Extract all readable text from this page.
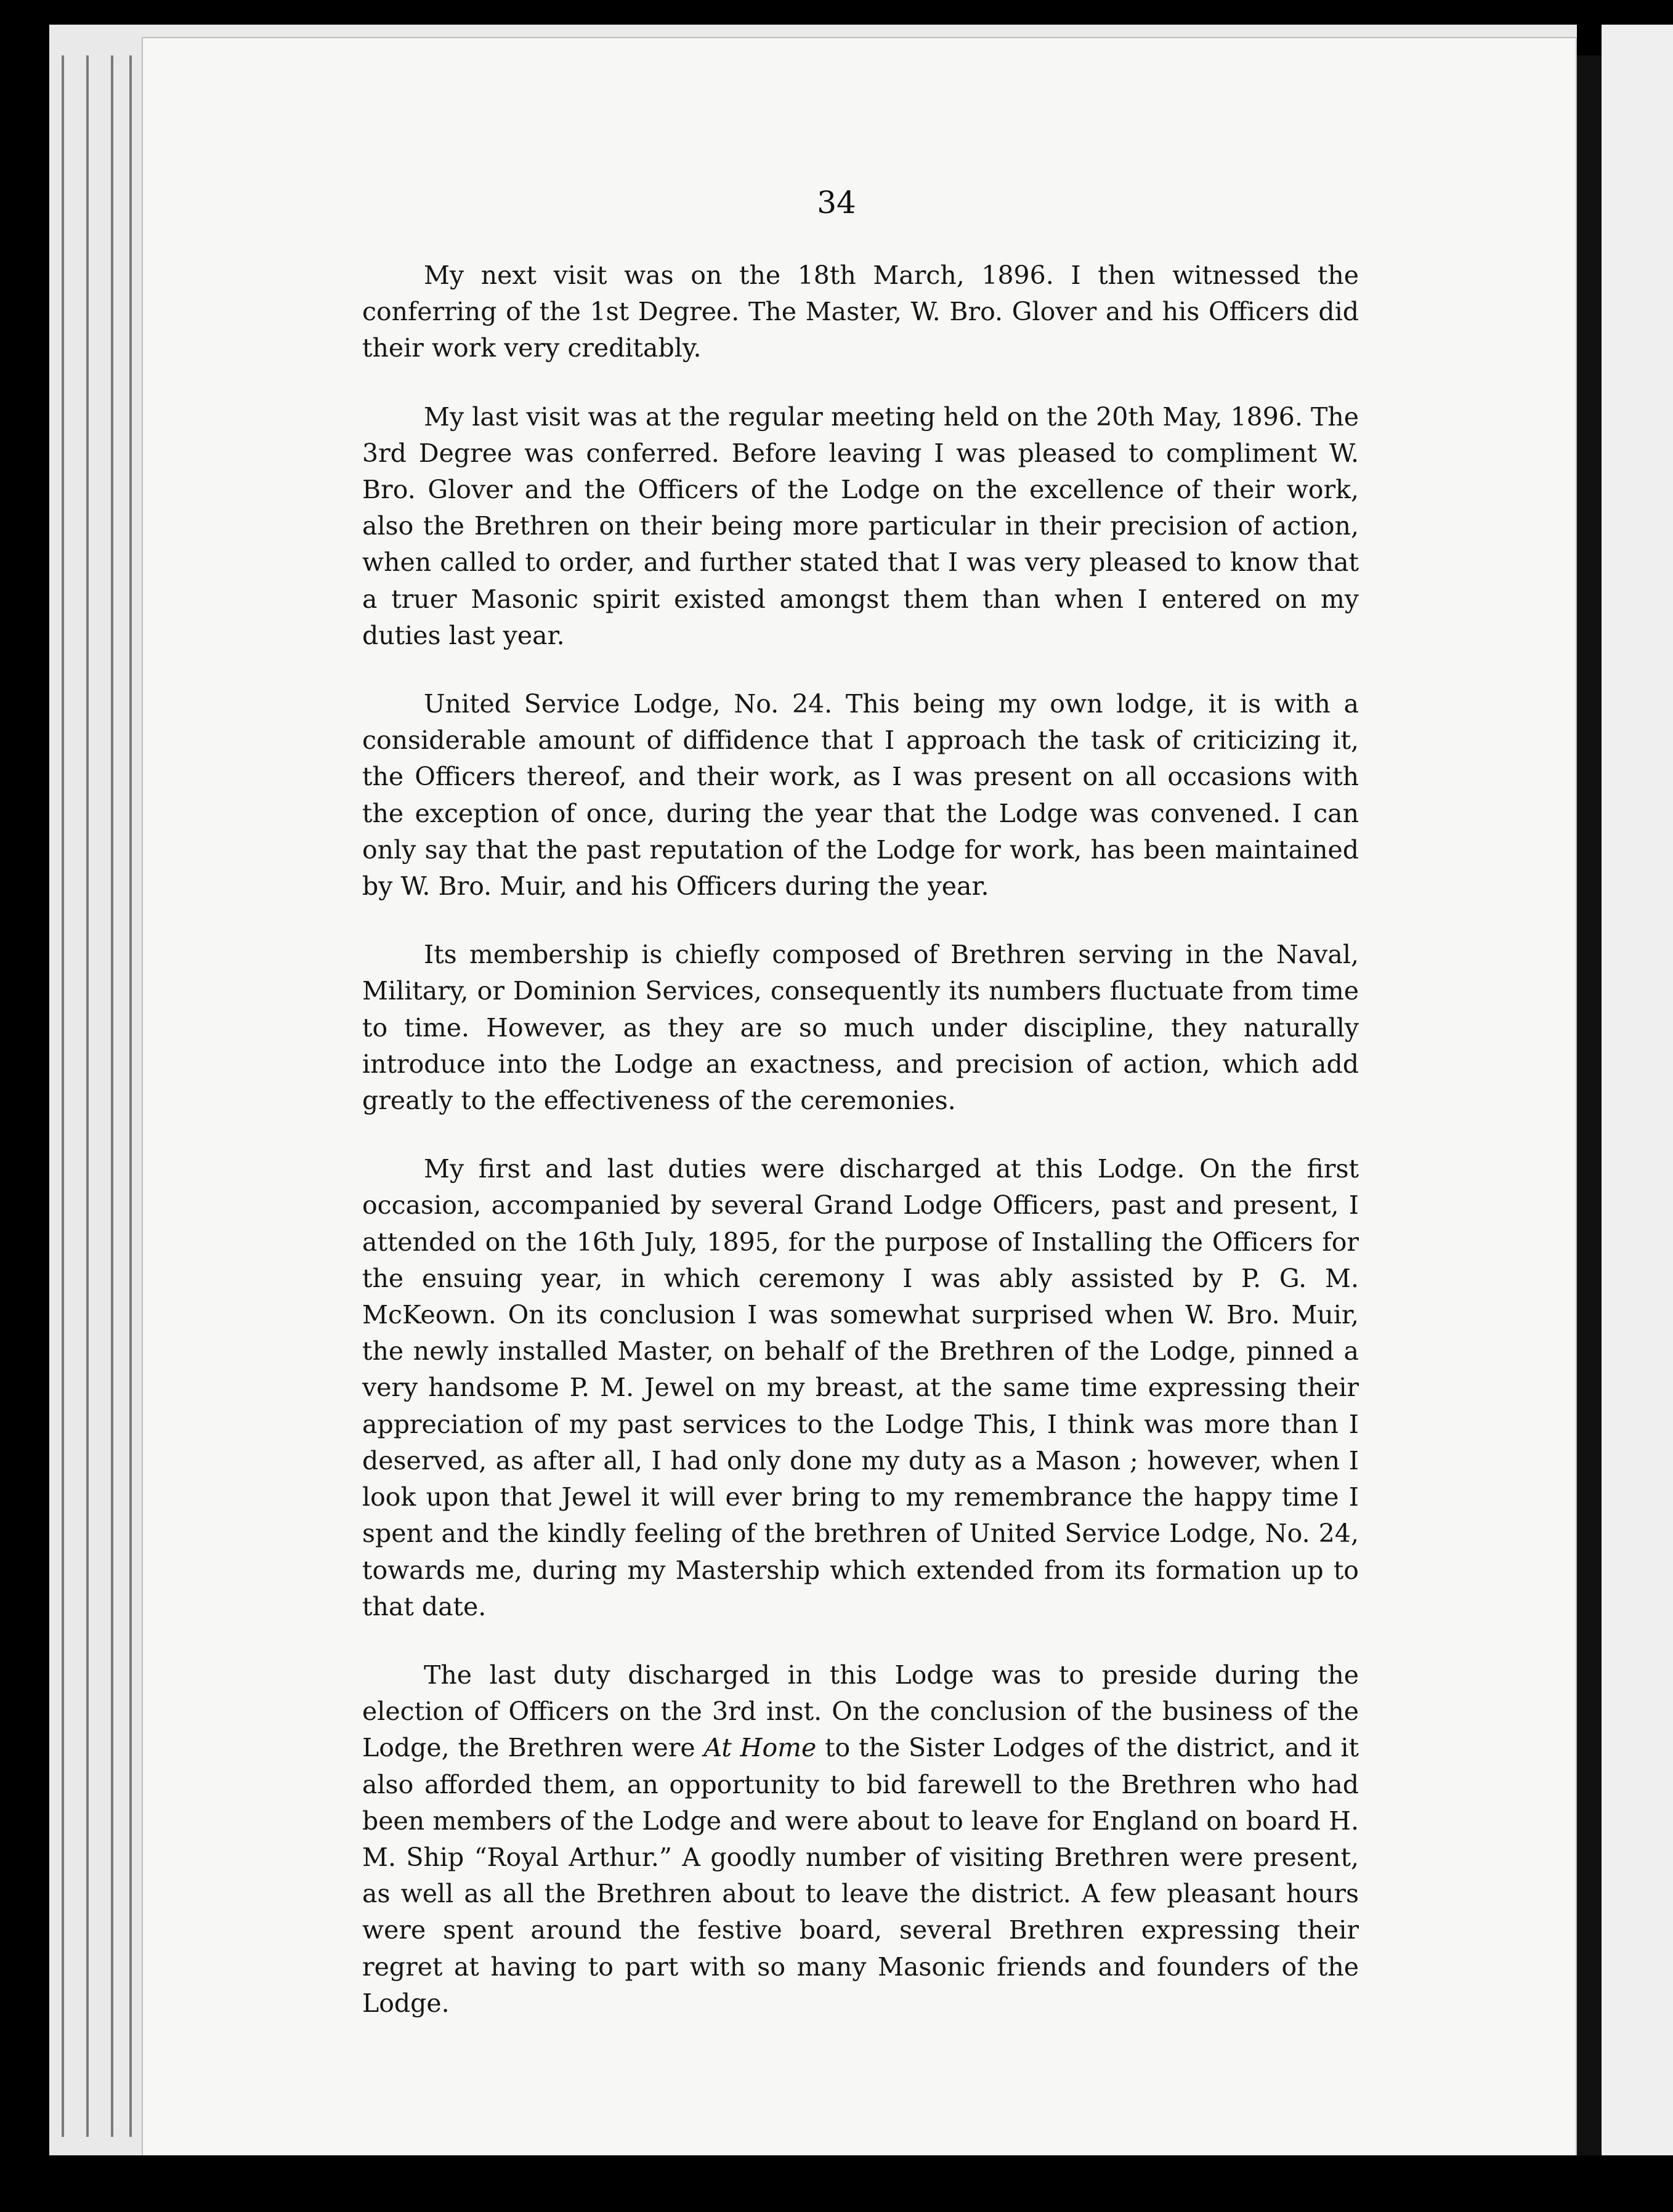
34

My next visit was on the 18th March, 1896. I then witnessed the conferring of the 1st Degree. The Master, W. Bro. Glover and his Officers did their work very creditably.

My last visit was at the regular meeting held on the 20th May, 1896. The 3rd Degree was conferred. Before leaving I was pleased to compliment W. Bro. Glover and the Officers of the Lodge on the excellence of their work, also the Brethren on their being more particular in their precision of action, when called to order, and further stated that I was very pleased to know that a truer Masonic spirit existed amongst them than when I entered on my duties last year.

United Service Lodge, No. 24. This being my own lodge, it is with a considerable amount of diffidence that I approach the task of criticizing it, the Officers thereof, and their work, as I was present on all occasions with the exception of once, during the year that the Lodge was convened. I can only say that the past reputation of the Lodge for work, has been maintained by W. Bro. Muir, and his Officers during the year.

Its membership is chiefly composed of Brethren serving in the Naval, Military, or Dominion Services, consequently its numbers fluctuate from time to time. However, as they are so much under discipline, they naturally introduce into the Lodge an exactness, and precision of action, which add greatly to the effectiveness of the ceremonies.

My first and last duties were discharged at this Lodge. On the first occasion, accompanied by several Grand Lodge Officers, past and present, I attended on the 16th July, 1895, for the purpose of Installing the Officers for the ensuing year, in which ceremony I was ably assisted by P. G. M. McKeown. On its conclusion I was somewhat surprised when W. Bro. Muir, the newly installed Master, on behalf of the Brethren of the Lodge, pinned a very handsome P. M. Jewel on my breast, at the same time expressing their appreciation of my past services to the Lodge This, I think was more than I deserved, as after all, I had only done my duty as a Mason ; however, when I look upon that Jewel it will ever bring to my remembrance the happy time I spent and the kindly feeling of the brethren of United Service Lodge, No. 24, towards me, during my Mastership which extended from its formation up to that date.

The last duty discharged in this Lodge was to preside during the election of Officers on the 3rd inst. On the conclusion of the business of the Lodge, the Brethren were At Home to the Sister Lodges of the district, and it also afforded them, an opportunity to bid farewell to the Brethren who had been members of the Lodge and were about to leave for England on board H. M. Ship “Royal Arthur.” A goodly number of visiting Brethren were present, as well as all the Brethren about to leave the district. A few pleasant hours were spent around the festive board, several Brethren expressing their regret at having to part with so many Masonic friends and founders of the Lodge.
